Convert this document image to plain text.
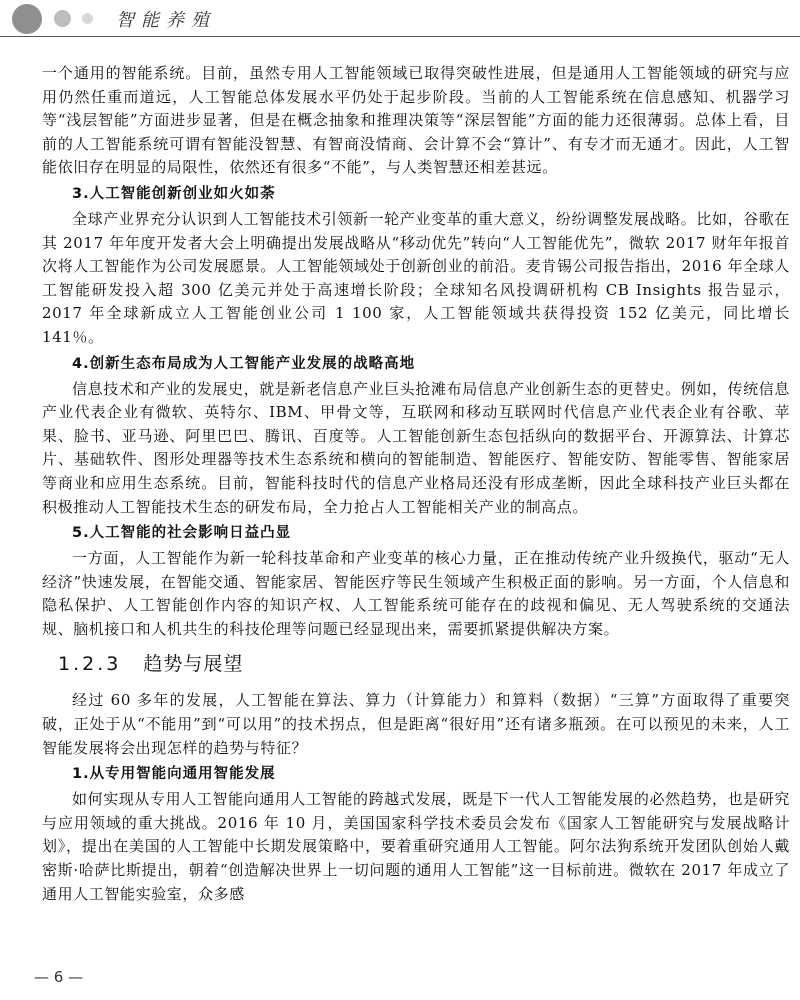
智能养殖

一个通用的智能系统。目前，虽然专用人工智能领域已取得突破性进展，但是通用人工智能领域的研究与应用仍然任重而道远，人工智能总体发展水平仍处于起步阶段。当前的人工智能系统在信息感知、机器学习等“浅层智能”方面进步显著，但是在概念抽象和推理决策等“深层智能”方面的能力还很薄弱。总体上看，目前的人工智能系统可谓有智能没智慧、有智商没情商、会计算不会“算计”、有专才而无通才。因此，人工智能依旧存在明显的局限性，依然还有很多“不能”，与人类智慧还相差甚远。

3.人工智能创新创业如火如荼

全球产业界充分认识到人工智能技术引领新一轮产业变革的重大意义，纷纷调整发展战略。比如，谷歌在其 2017 年年度开发者大会上明确提出发展战略从“移动优先”转向“人工智能优先”，微软 2017 财年年报首次将人工智能作为公司发展愿景。人工智能领域处于创新创业的前沿。麦肯锡公司报告指出，2016 年全球人工智能研发投入超 300 亿美元并处于高速增长阶段；全球知名风投调研机构 CB Insights 报告显示，2017 年全球新成立人工智能创业公司 1 100 家，人工智能领域共获得投资 152 亿美元，同比增长 141％。

4.创新生态布局成为人工智能产业发展的战略高地

信息技术和产业的发展史，就是新老信息产业巨头抢滩布局信息产业创新生态的更替史。例如，传统信息产业代表企业有微软、英特尔、IBM、甲骨文等，互联网和移动互联网时代信息产业代表企业有谷歌、苹果、脸书、亚马逊、阿里巴巴、腾讯、百度等。人工智能创新生态包括纵向的数据平台、开源算法、计算芯片、基础软件、图形处理器等技术生态系统和横向的智能制造、智能医疗、智能安防、智能零售、智能家居等商业和应用生态系统。目前，智能科技时代的信息产业格局还没有形成垄断，因此全球科技产业巨头都在积极推动人工智能技术生态的研发布局，全力抢占人工智能相关产业的制高点。

5.人工智能的社会影响日益凸显

一方面，人工智能作为新一轮科技革命和产业变革的核心力量，正在推动传统产业升级换代，驱动“无人经济”快速发展，在智能交通、智能家居、智能医疗等民生领域产生积极正面的影响。另一方面，个人信息和隐私保护、人工智能创作内容的知识产权、人工智能系统可能存在的歧视和偏见、无人驾驶系统的交通法规、脑机接口和人机共生的科技伦理等问题已经显现出来，需要抓紧提供解决方案。

1.2.3 趋势与展望

经过 60 多年的发展，人工智能在算法、算力（计算能力）和算料（数据）“三算”方面取得了重要突破，正处于从“不能用”到“可以用”的技术拐点，但是距离“很好用”还有诸多瓶颈。在可以预见的未来，人工智能发展将会出现怎样的趋势与特征？

1.从专用智能向通用智能发展

如何实现从专用人工智能向通用人工智能的跨越式发展，既是下一代人工智能发展的必然趋势，也是研究与应用领域的重大挑战。2016 年 10 月，美国国家科学技术委员会发布《国家人工智能研究与发展战略计划》，提出在美国的人工智能中长期发展策略中，要着重研究通用人工智能。阿尔法狗系统开发团队创始人戴密斯·哈萨比斯提出，朝着“创造解决世界上一切问题的通用人工智能”这一目标前进。微软在 2017 年成立了通用人工智能实验室，众多感

— 6 —
